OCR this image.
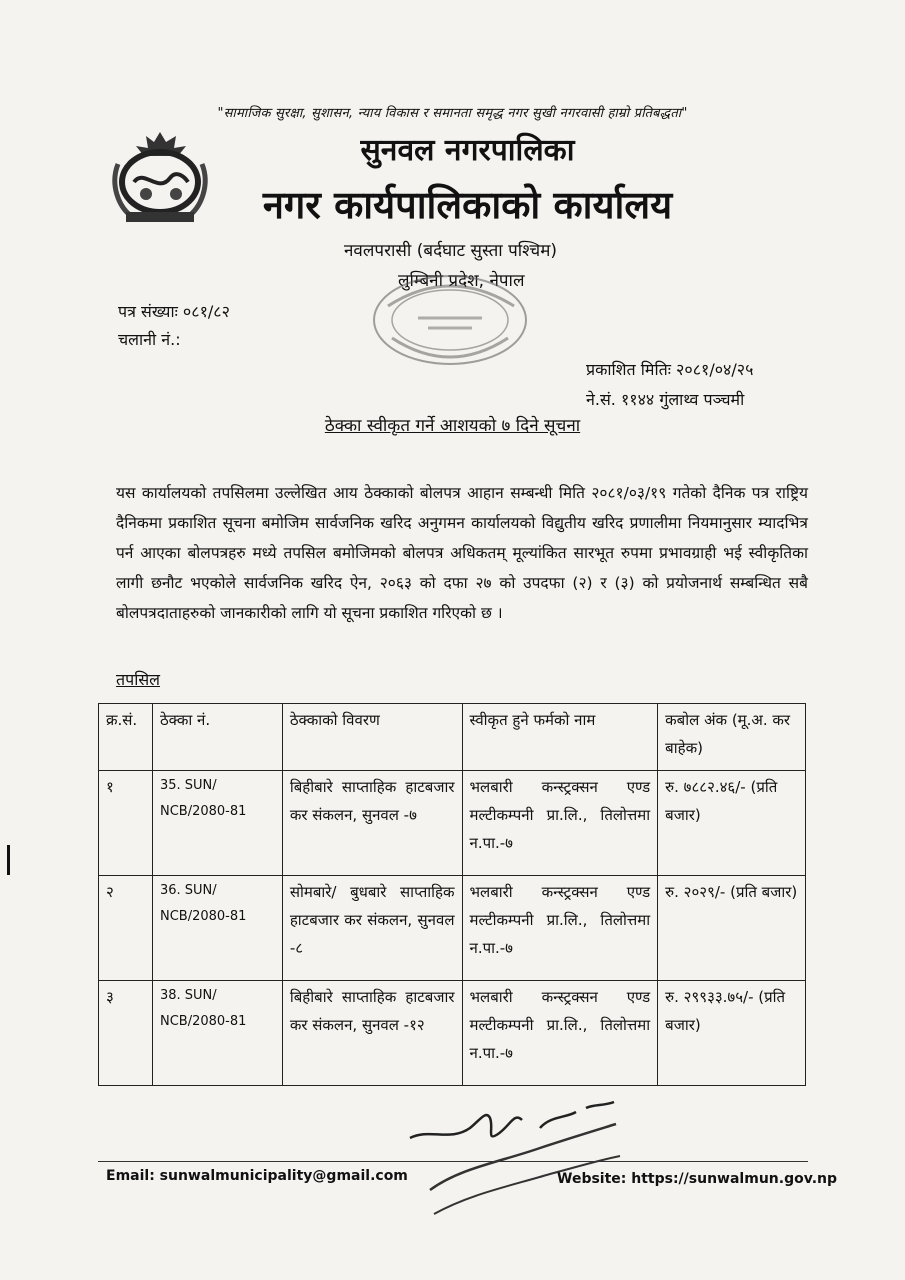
"सामाजिक सुरक्षा, सुशासन, न्याय विकास र समानता समृद्ध नगर सुखी नगरवासी हाम्रो प्रतिबद्धता"
सुनवल नगरपालिका
नगर कार्यपालिकाको कार्यालय
नवलपरासी (बर्दघाट सुस्ता पश्चिम)
लुम्बिनी प्रदेश, नेपाल
पत्र संख्याः ०८१/८२
चलानी नं.:
प्रकाशित मितिः २०८१/०४/२५
ने.सं. ११४४ गुंलाथ्व पञ्चमी
ठेक्का स्वीकृत गर्ने आशयको ७ दिने सूचना
यस कार्यालयको तपसिलमा उल्लेखित आय ठेक्काको बोलपत्र आहान सम्बन्धी मिति २०८१/०३/१९ गतेको दैनिक पत्र राष्ट्रिय दैनिकमा प्रकाशित सूचना बमोजिम सार्वजनिक खरिद अनुगमन कार्यालयको विद्युतीय खरिद प्रणालीमा नियमानुसार म्यादभित्र पर्न आएका बोलपत्रहरु मध्ये तपसिल बमोजिमको बोलपत्र अधिकतम् मूल्यांकित सारभूत रुपमा प्रभावग्राही भई स्वीकृतिका लागी छनौट भएकोले सार्वजनिक खरिद ऐन, २०६३ को दफा २७ को उपदफा (२) र (३) को प्रयोजनार्थ सम्बन्धित सबै बोलपत्रदाताहरुको जानकारीको लागि यो सूचना प्रकाशित गरिएको छ ।
तपसिल
क्र.सं.	ठेक्का नं.	ठेक्काको विवरण	स्वीकृत हुने फर्मको नाम	कबोल अंक (मू.अ. कर बाहेक)
१	35. SUN/ NCB/2080-81	बिहीबारे साप्ताहिक हाटबजार कर संकलन, सुनवल -७	भलबारी कन्स्ट्रक्सन एण्ड मल्टीकम्पनी प्रा.लि., तिलोत्तमा न.पा.-७	रु. ७८८२.४६/- (प्रति बजार)
२	36. SUN/ NCB/2080-81	सोमबारे/ बुधबारे साप्ताहिक हाटबजार कर संकलन, सुनवल -८	भलबारी कन्स्ट्रक्सन एण्ड मल्टीकम्पनी प्रा.लि., तिलोत्तमा न.पा.-७	रु. २०२९/- (प्रति बजार)
३	38. SUN/ NCB/2080-81	बिहीबारे साप्ताहिक हाटबजार कर संकलन, सुनवल -१२	भलबारी कन्स्ट्रक्सन एण्ड मल्टीकम्पनी प्रा.लि., तिलोत्तमा न.पा.-७	रु. २९९३३.७५/- (प्रति बजार)
Email: sunwalmunicipality@gmail.com	Website: https://sunwalmun.gov.np
